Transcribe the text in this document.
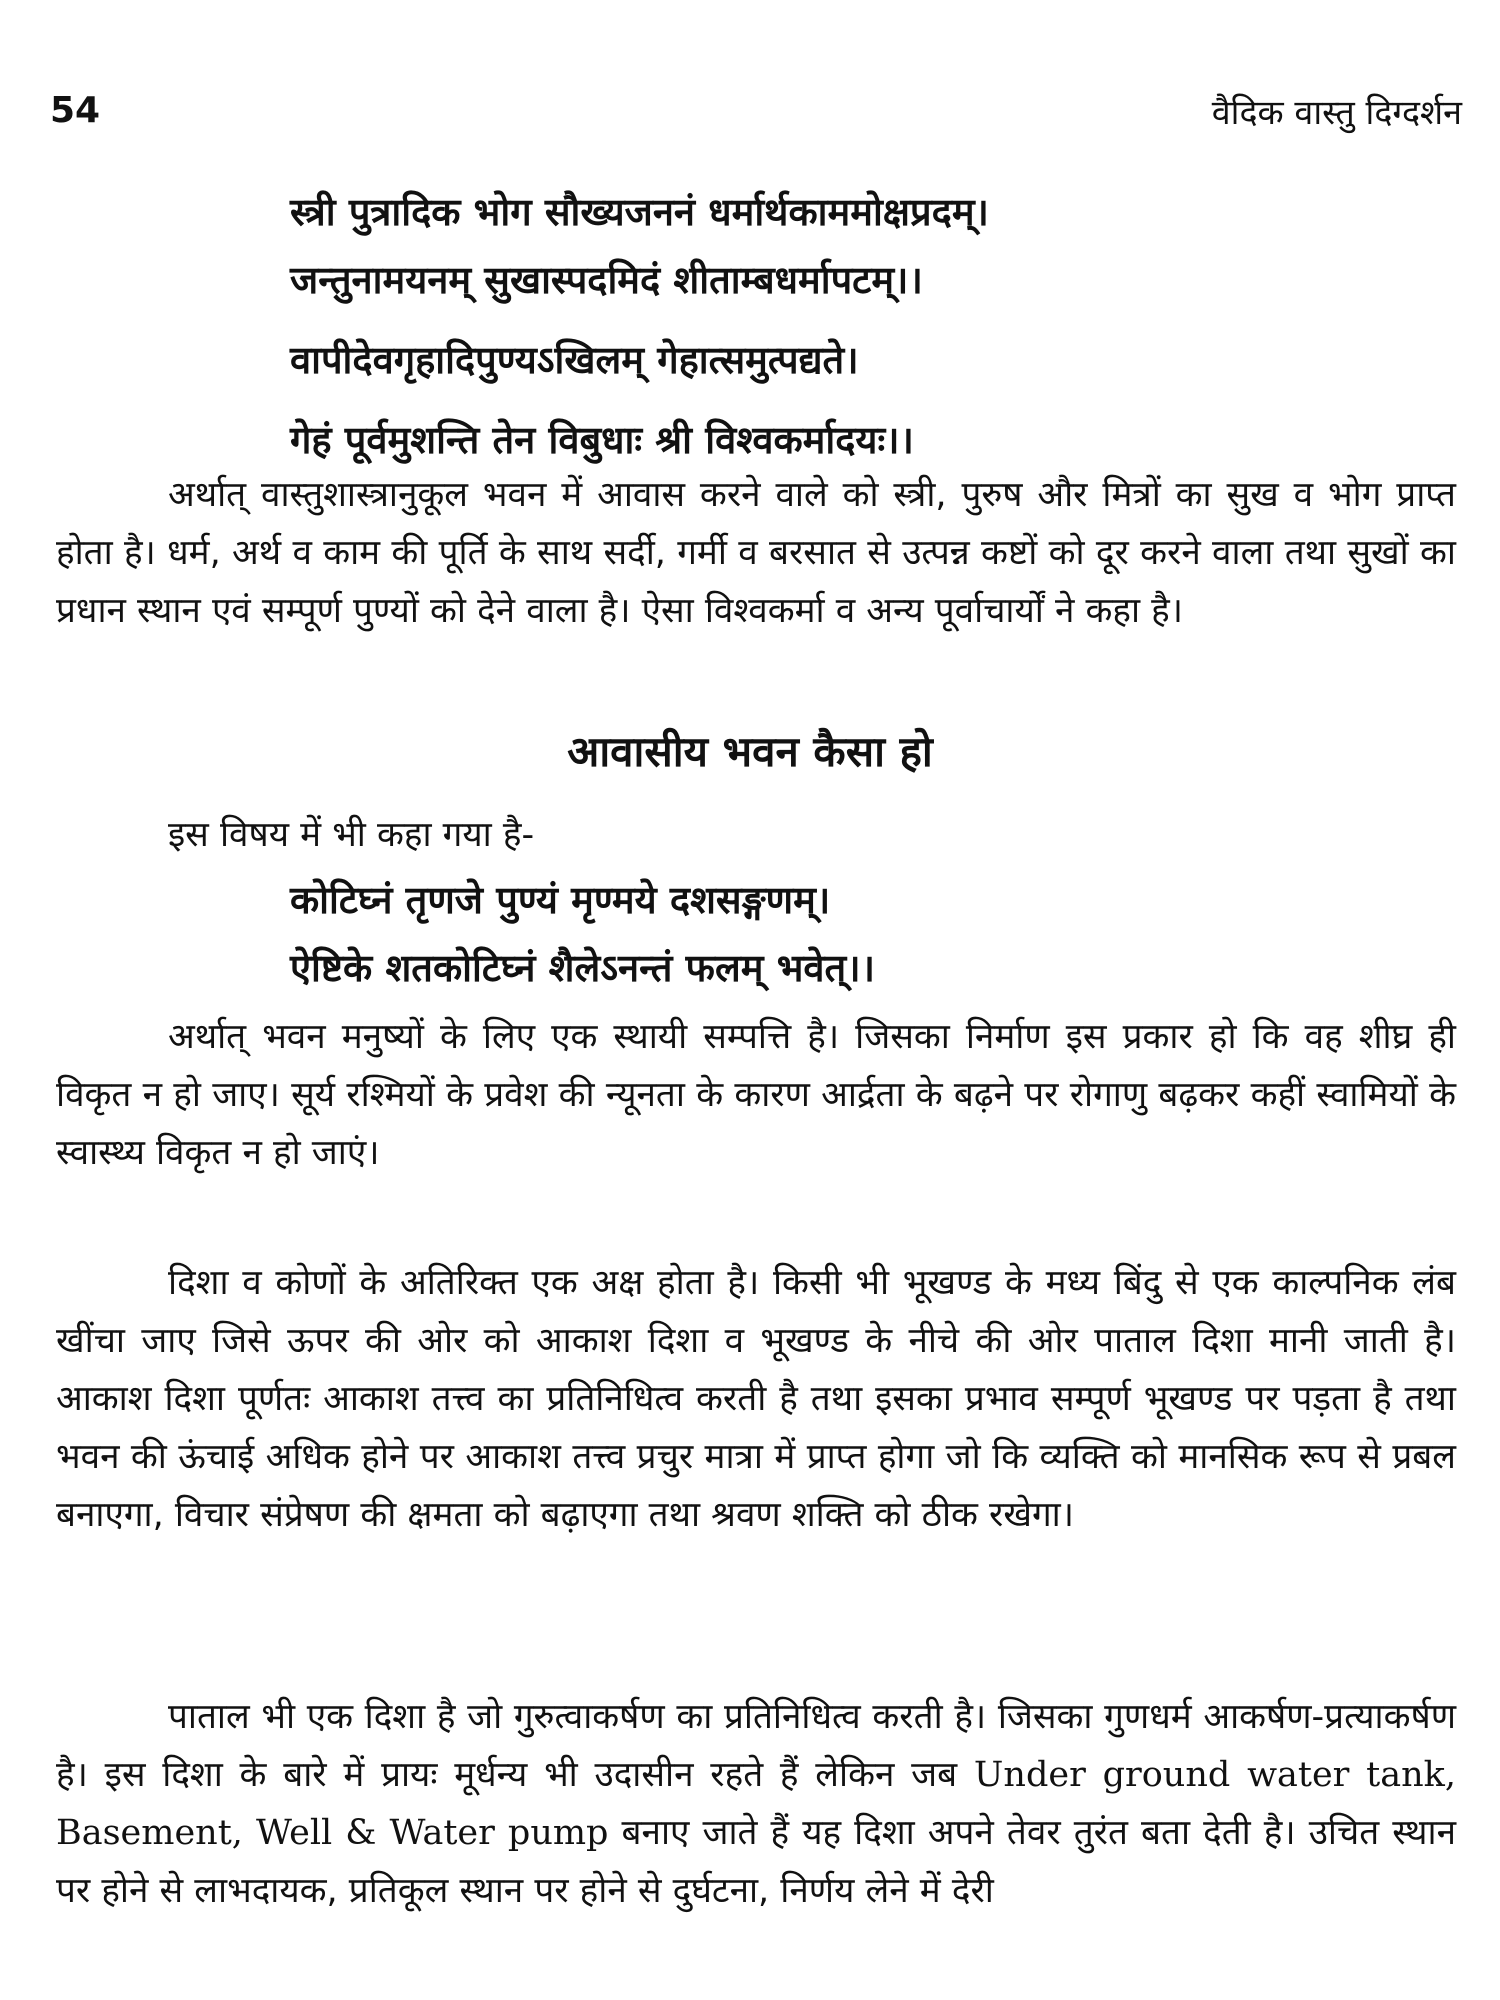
54	वैदिक वास्तु दिग्दर्शन
स्त्री पुत्रादिक भोग सौख्यजननं धर्मार्थकाममोक्षप्रदम्।
जन्तुनामयनम् सुखास्पदमिदं शीताम्बधर्मापटम्।।
वापीदेवगृहादिपुण्यऽखिलम् गेहात्समुत्पद्यते।
गेहं पूर्वमुशन्ति तेन विबुधाः श्री विश्वकर्मादयः।।

अर्थात् वास्तुशास्त्रानुकूल भवन में आवास करने वाले को स्त्री, पुरुष और मित्रों का सुख व भोग प्राप्त होता है। धर्म, अर्थ व काम की पूर्ति के साथ सर्दी, गर्मी व बरसात से उत्पन्न कष्टों को दूर करने वाला तथा सुखों का प्रधान स्थान एवं सम्पूर्ण पुण्यों को देने वाला है। ऐसा विश्वकर्मा व अन्य पूर्वाचार्यों ने कहा है।

आवासीय भवन कैसा हो

इस विषय में भी कहा गया है-

कोटिघ्नं तृणजे पुण्यं मृण्मये दशसङ्गणम्।
ऐष्टिके शतकोटिघ्नं शैलेऽनन्तं फलम् भवेत्।।

अर्थात् भवन मनुष्यों के लिए एक स्थायी सम्पत्ति है। जिसका निर्माण इस प्रकार हो कि वह शीघ्र ही विकृत न हो जाए। सूर्य रश्मियों के प्रवेश की न्यूनता के कारण आर्द्रता के बढ़ने पर रोगाणु बढ़कर कहीं स्वामियों के स्वास्थ्य विकृत न हो जाएं।

दिशा व कोणों के अतिरिक्त एक अक्ष होता है। किसी भी भूखण्ड के मध्य बिंदु से एक काल्पनिक लंब खींचा जाए जिसे ऊपर की ओर को आकाश दिशा व भूखण्ड के नीचे की ओर पाताल दिशा मानी जाती है। आकाश दिशा पूर्णतः आकाश तत्त्व का प्रतिनिधित्व करती है तथा इसका प्रभाव सम्पूर्ण भूखण्ड पर पड़ता है तथा भवन की ऊंचाई अधिक होने पर आकाश तत्त्व प्रचुर मात्रा में प्राप्त होगा जो कि व्यक्ति को मानसिक रूप से प्रबल बनाएगा, विचार संप्रेषण की क्षमता को बढ़ाएगा तथा श्रवण शक्ति को ठीक रखेगा।

पाताल भी एक दिशा है जो गुरुत्वाकर्षण का प्रतिनिधित्व करती है। जिसका गुणधर्म आकर्षण-प्रत्याकर्षण है। इस दिशा के बारे में प्रायः मूर्धन्य भी उदासीन रहते हैं लेकिन जब Under ground water tank, Basement, Well & Water pump बनाए जाते हैं यह दिशा अपने तेवर तुरंत बता देती है। उचित स्थान पर होने से लाभदायक, प्रतिकूल स्थान पर होने से दुर्घटना, निर्णय लेने में देरी
